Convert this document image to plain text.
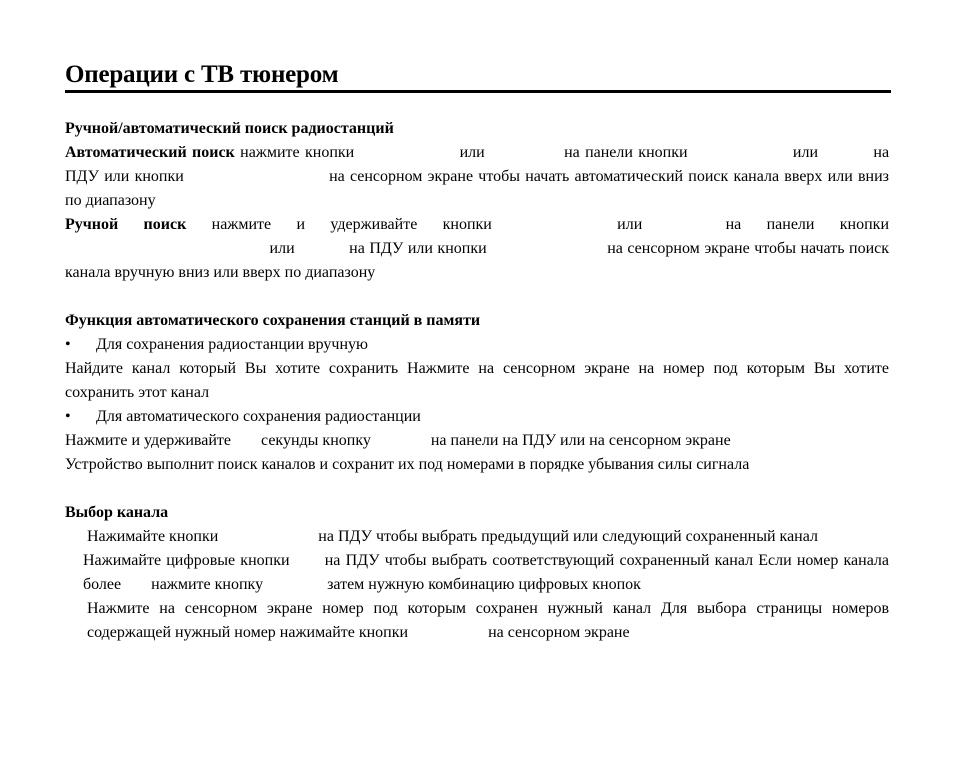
Операции с ТВ тюнером
Ручной/автоматический поиск радиостанций

Автоматический поиск нажмите кнопки	или	на панели кнопки	или	на ПДУ или кнопки	на сенсорном экране чтобы начать автоматический поиск канала вверх или вниз по диапазону

Ручной поиск нажмите и удерживайте кнопки	или	на панели кнопки или	на ПДУ или кнопки	на сенсорном экране чтобы начать поиск канала вручную вниз или вверх по диапазону

Функция автоматического сохранения станций в памяти
•	Для сохранения радиостанции вручную

Найдите канал который Вы хотите сохранить Нажмите на сенсорном экране на номер под которым Вы хотите сохранить этот канал

•	Для автоматического сохранения радиостанции

Нажмите и удерживайте секунды кнопку	на панели на ПДУ или на сенсорном экране

Устройство выполнит поиск каналов и сохранит их под номерами в порядке убывания силы сигнала

Выбор канала

Нажимайте кнопки	на ПДУ чтобы выбрать предыдущий или следующий сохраненный канал

Нажимайте цифровые кнопки на ПДУ чтобы выбрать соответствующий сохраненный канал Если номер канала более нажмите кнопку	затем нужную комбинацию цифровых кнопок

Нажмите на сенсорном экране номер под которым сохранен нужный канал Для выбора страницы номеров содержащей нужный номер нажимайте кнопки	на сенсорном экране
